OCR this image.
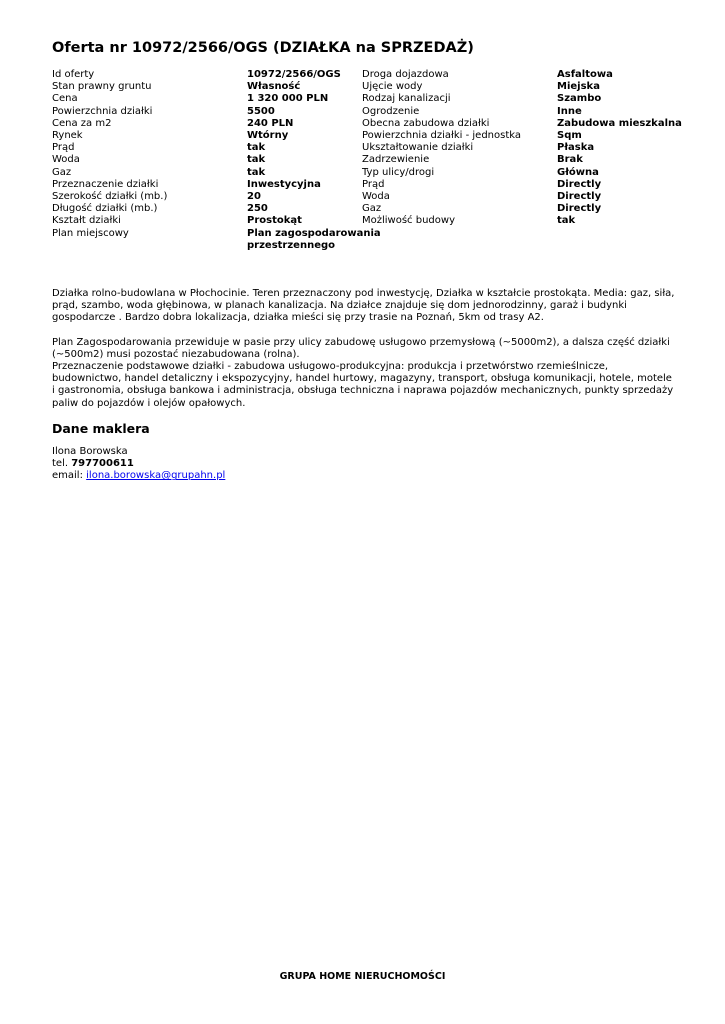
Oferta nr 10972/2566/OGS (DZIAŁKA na SPRZEDAŻ)
Id oferty	10972/2566/OGS	Droga dojazdowa	Asfaltowa
Stan prawny gruntu	Własność	Ujęcie wody	Miejska
Cena	1 320 000 PLN	Rodzaj kanalizacji	Szambo
Powierzchnia działki	5500	Ogrodzenie	Inne
Cena za m2	240 PLN	Obecna zabudowa działki	Zabudowa mieszkalna
Rynek	Wtórny	Powierzchnia działki - jednostka	Sqm
Prąd	tak	Ukształtowanie działki	Płaska
Woda	tak	Zadrzewienie	Brak
Gaz	tak	Typ ulicy/drogi	Główna
Przeznaczenie działki	Inwestycyjna	Prąd	Directly
Szerokość działki (mb.)	20	Woda	Directly
Długość działki (mb.)	250	Gaz	Directly
Kształt działki	Prostokąt	Możliwość budowy	tak
Plan miejscowy	Plan zagospodarowania przestrzennego

Działka rolno-budowlana w Płochocinie. Teren przeznaczony pod inwestycję, Działka w kształcie prostokąta. Media: gaz, siła, prąd, szambo, woda głębinowa, w planach kanalizacja. Na działce znajduje się dom jednorodzinny, garaż i budynki gospodarcze . Bardzo dobra lokalizacja, działka mieści się przy trasie na Poznań, 5km od trasy A2.

Plan Zagospodarowania przewiduje w pasie przy ulicy zabudowę usługowo przemysłową (~5000m2), a dalsza część działki (~500m2) musi pozostać niezabudowana (rolna).
Przeznaczenie podstawowe działki - zabudowa usługowo-produkcyjna: produkcja i przetwórstwo rzemieślnicze, budownictwo, handel detaliczny i ekspozycyjny, handel hurtowy, magazyny, transport, obsługa komunikacji, hotele, motele i gastronomia, obsługa bankowa i administracja, obsługa techniczna i naprawa pojazdów mechanicznych, punkty sprzedaży paliw do pojazdów i olejów opałowych.
Dane maklera
Ilona Borowska
tel. 797700611
email: ilona.borowska@grupahn.pl
GRUPA HOME NIERUCHOMOŚCI
